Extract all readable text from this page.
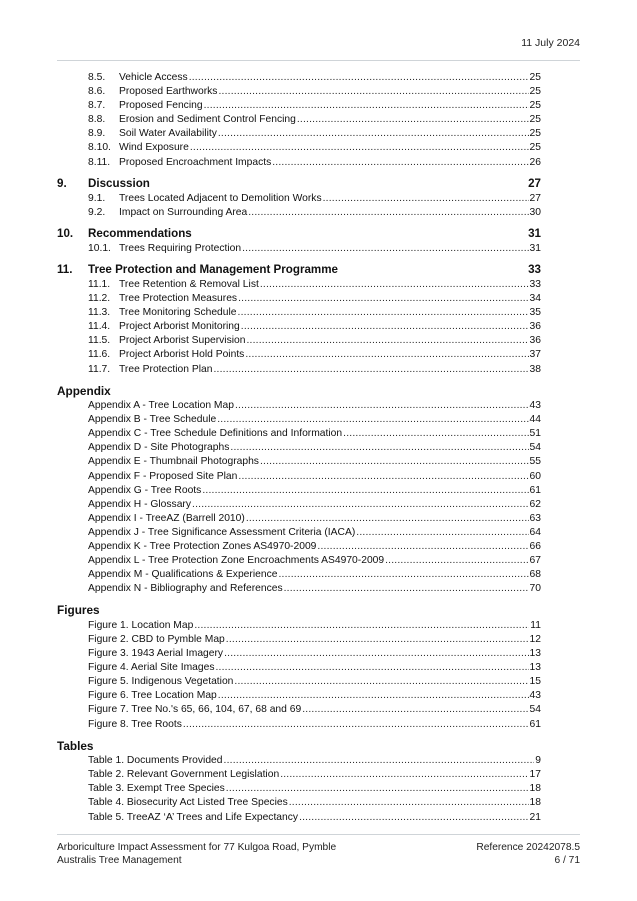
11 July 2024
8.5.	Vehicle Access .....	25
8.6.	Proposed Earthworks .....	25
8.7.	Proposed Fencing .....	25
8.8.	Erosion and Sediment Control Fencing .....	25
8.9.	Soil Water Availability .....	25
8.10. Wind Exposure .....	25
8.11. Proposed Encroachment Impacts .....	26
9.	Discussion	27
9.1.	Trees Located Adjacent to Demolition Works .....	27
9.2.	Impact on Surrounding Area .....	30
10.	Recommendations	31
10.1. Trees Requiring Protection .....	31
11.	Tree Protection and Management Programme	33
11.1. Tree Retention & Removal List .....	33
11.2. Tree Protection Measures .....	34
11.3. Tree Monitoring Schedule .....	35
11.4. Project Arborist Monitoring .....	36
11.5. Project Arborist Supervision .....	36
11.6. Project Arborist Hold Points .....	37
11.7. Tree Protection Plan .....	38
Appendix
Appendix A - Tree Location Map .....	43
Appendix B - Tree Schedule .....	44
Appendix C - Tree Schedule Definitions and Information .....	51
Appendix D - Site Photographs .....	54
Appendix E - Thumbnail Photographs .....	55
Appendix F - Proposed Site Plan .....	60
Appendix G - Tree Roots .....	61
Appendix H - Glossary .....	62
Appendix I - TreeAZ (Barrell 2010) .....	63
Appendix J - Tree Significance Assessment Criteria (IACA) .....	64
Appendix K - Tree Protection Zones AS4970-2009 .....	66
Appendix L - Tree Protection Zone Encroachments AS4970-2009 .....	67
Appendix M - Qualifications & Experience .....	68
Appendix N - Bibliography and References .....	70
Figures
Figure 1. Location Map .....	11
Figure 2. CBD to Pymble Map .....	12
Figure 3. 1943 Aerial Imagery .....	13
Figure 4. Aerial Site Images .....	13
Figure 5. Indigenous Vegetation .....	15
Figure 6. Tree Location Map .....	43
Figure 7. Tree No.'s 65, 66, 104, 67, 68 and 69 .....	54
Figure 8. Tree Roots .....	61
Tables
Table 1. Documents Provided .....	9
Table 2. Relevant Government Legislation .....	17
Table 3. Exempt Tree Species .....	18
Table 4. Biosecurity Act Listed Tree Species .....	18
Table 5. TreeAZ ‘A’ Trees and Life Expectancy .....	21
Arboriculture Impact Assessment for 77 Kulgoa Road, Pymble
Australis Tree Management
Reference 20242078.5
6 / 71
